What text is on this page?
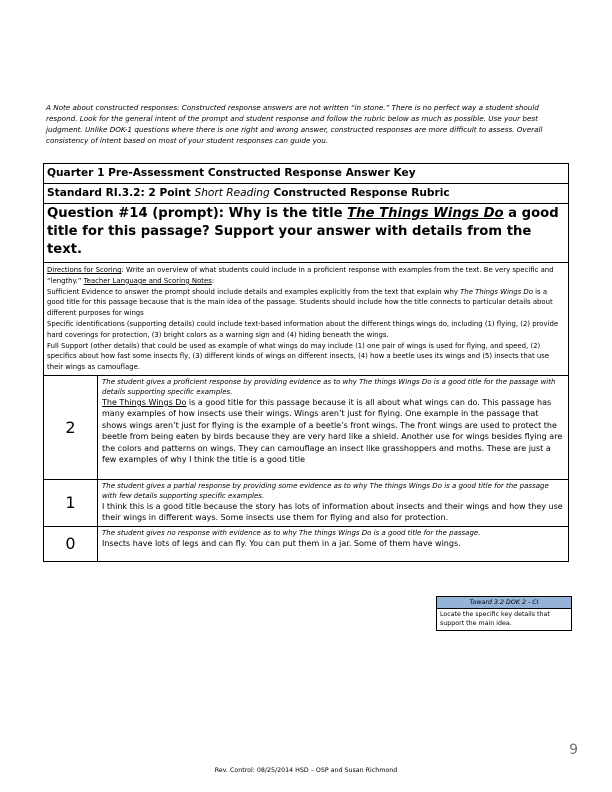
A Note about constructed responses: Constructed response answers are not written “in stone.” There is no perfect way a student should respond. Look for the general intent of the prompt and student response and follow the rubric below as much as possible. Use your best judgment. Unlike DOK-1 questions where there is one right and wrong answer, constructed responses are more difficult to assess. Overall consistency of intent based on most of your student responses can guide you.
Quarter 1 Pre-Assessment Constructed Response Answer Key
Standard RI.3.2: 2 Point Short Reading Constructed Response Rubric
Question #14 (prompt): Why is the title The Things Wings Do a good title for this passage? Support your answer with details from the text.
Directions for Scoring: Write an overview of what students could include in a proficient response with examples from the text. Be very specific and “lengthy.” Teacher Language and Scoring Notes:
Sufficient Evidence to answer the prompt should include details and examples explicitly from the text that explain why The Things Wings Do is a good title for this passage because that is the main idea of the passage. Students should include how the title connects to particular details about different purposes for wings
Specific identifications (supporting details) could include text-based information about the different things wings do, including (1) flying, (2) provide hard coverings for protection, (3) bright colors as a warning sign and (4) hiding beneath the wings.
Full Support (other details) that could be used as example of what wings do may include (1) one pair of wings is used for flying, and speed, (2) specifics about how fast some insects fly, (3) different kinds of wings on different insects, (4) how a beetle uses its wings and (5) insects that use their wings as camouflage.
2
The student gives a proficient response by providing evidence as to why The things Wings Do is a good title for the passage with details supporting specific examples.
The Things Wings Do is a good title for this passage because it is all about what wings can do. This passage has many examples of how insects use their wings. Wings aren’t just for flying. One example in the passage that shows wings aren’t just for flying is the example of a beetle’s front wings. The front wings are used to protect the beetle from being eaten by birds because they are very hard like a shield. Another use for wings besides flying are the colors and patterns on wings. They can camouflage an insect like grasshoppers and moths. These are just a few examples of why I think the title is a good title
1
The student gives a partial response by providing some evidence as to why The things Wings Do is a good title for the passage with few details supporting specific examples.
I think this is a good title because the story has lots of information about insects and their wings and how they use their wings in different ways. Some insects use them for flying and also for protection.
0
The student gives no response with evidence as to why The things Wings Do is a good title for the passage.
Insects have lots of legs and can fly. You can put them in a jar. Some of them have wings.
Toward 3.2 DOK 2 - CI
Locate the specific key details that support the main idea.
9
Rev. Control: 08/25/2014 HSD – OSP and Susan Richmond
